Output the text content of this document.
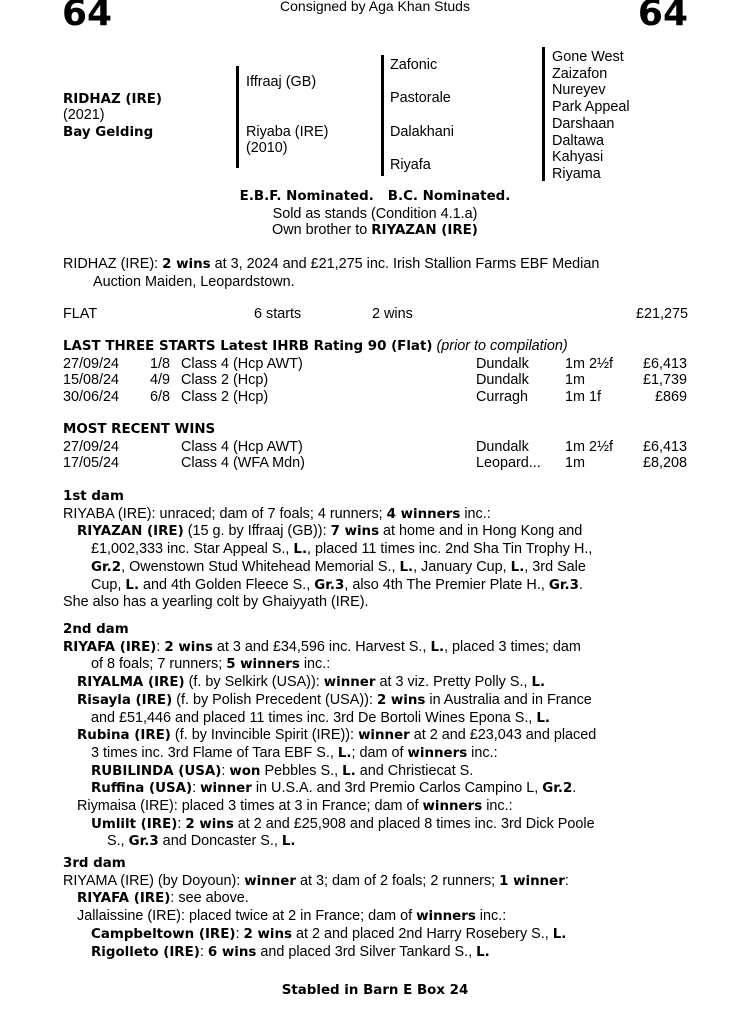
64	64
Consigned by Aga Khan Studs
RIDHAZ (IRE)
(2021)
Bay Gelding
Iffraaj (GB)
Riyaba (IRE)
(2010)
Zafonic
Pastorale
Dalakhani
Riyafa
Gone West
Zaizafon
Nureyev
Park Appeal
Darshaan
Daltawa
Kahyasi
Riyama
E.B.F. Nominated.   B.C. Nominated.
Sold as stands (Condition 4.1.a)
Own brother to RIYAZAN (IRE)
RIDHAZ (IRE): 2 wins at 3, 2024 and £21,275 inc. Irish Stallion Farms EBF Median
Auction Maiden, Leopardstown.
FLAT	6 starts	2 wins	£21,275
LAST THREE STARTS Latest IHRB Rating 90 (Flat) (prior to compilation)
27/09/24 1/8 Class 4 (Hcp AWT)	Dundalk	1m 2½f £6,413
15/08/24 4/9 Class 2 (Hcp)	Dundalk	1m	£1,739
30/06/24 6/8 Class 2 (Hcp)	Curragh	1m 1f	£869
MOST RECENT WINS
27/09/24	Class 4 (Hcp AWT)	Dundalk	1m 2½f £6,413
17/05/24	Class 4 (WFA Mdn)	Leopard... 1m	£8,208
1st dam
RIYABA (IRE): unraced; dam of 7 foals; 4 runners; 4 winners inc.:
RIYAZAN (IRE) (15 g. by Iffraaj (GB)): 7 wins at home and in Hong Kong and
£1,002,333 inc. Star Appeal S., L., placed 11 times inc. 2nd Sha Tin Trophy H.,
Gr.2, Owenstown Stud Whitehead Memorial S., L., January Cup, L., 3rd Sale
Cup, L. and 4th Golden Fleece S., Gr.3, also 4th The Premier Plate H., Gr.3.
She also has a yearling colt by Ghaiyyath (IRE).
2nd dam
RIYAFA (IRE): 2 wins at 3 and £34,596 inc. Harvest S., L., placed 3 times; dam
of 8 foals; 7 runners; 5 winners inc.:
RIYALMA (IRE) (f. by Selkirk (USA)): winner at 3 viz. Pretty Polly S., L.
Risayla (IRE) (f. by Polish Precedent (USA)): 2 wins in Australia and in France
and £51,446 and placed 11 times inc. 3rd De Bortoli Wines Epona S., L.
Rubina (IRE) (f. by Invincible Spirit (IRE)): winner at 2 and £23,043 and placed
3 times inc. 3rd Flame of Tara EBF S., L.; dam of winners inc.:
RUBILINDA (USA): won Pebbles S., L. and Christiecat S.
Ruffina (USA): winner in U.S.A. and 3rd Premio Carlos Campino L, Gr.2.
Riymaisa (IRE): placed 3 times at 3 in France; dam of winners inc.:
Umlilt (IRE): 2 wins at 2 and £25,908 and placed 8 times inc. 3rd Dick Poole
S., Gr.3 and Doncaster S., L.
3rd dam
RIYAMA (IRE) (by Doyoun): winner at 3; dam of 2 foals; 2 runners; 1 winner:
RIYAFA (IRE): see above.
Jallaissine (IRE): placed twice at 2 in France; dam of winners inc.:
Campbeltown (IRE): 2 wins at 2 and placed 2nd Harry Rosebery S., L.
Rigolleto (IRE): 6 wins and placed 3rd Silver Tankard S., L.
Stabled in Barn E Box 24
